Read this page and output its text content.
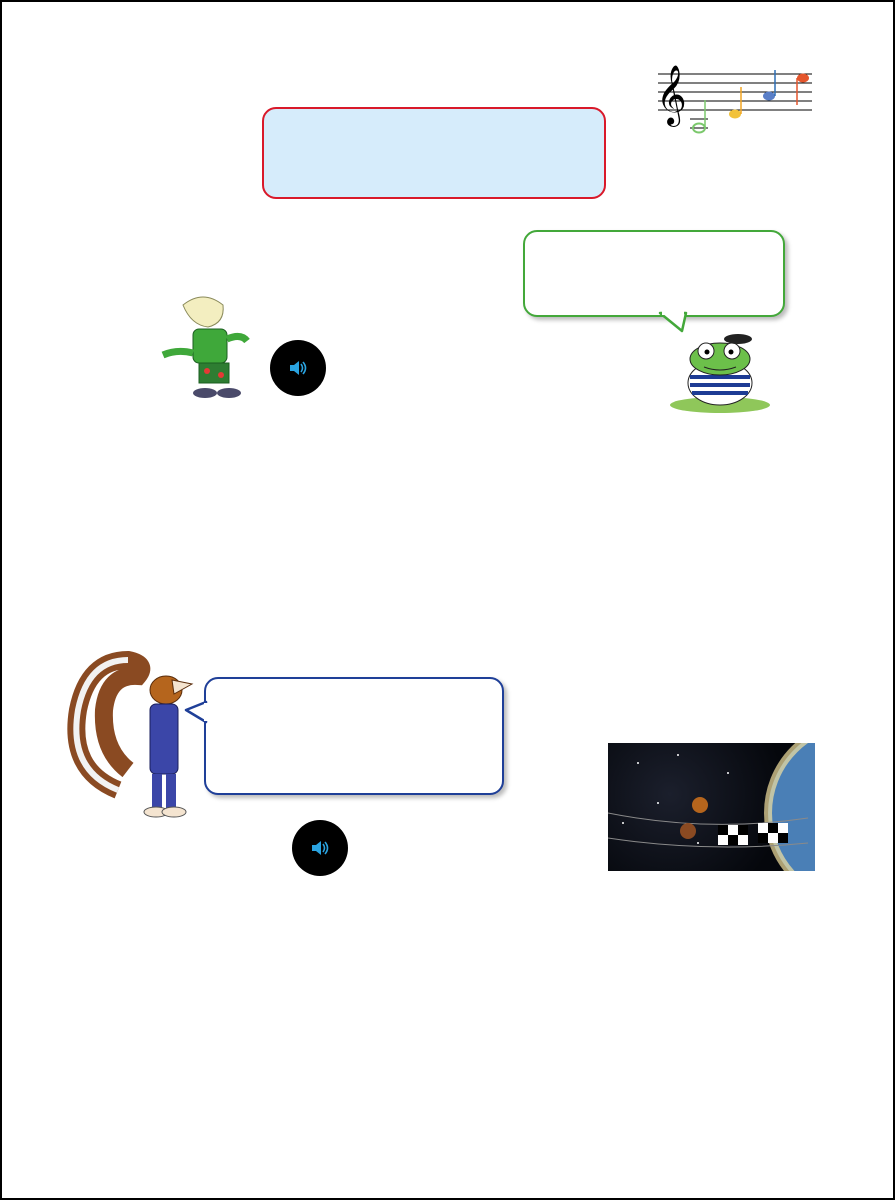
𝄞
